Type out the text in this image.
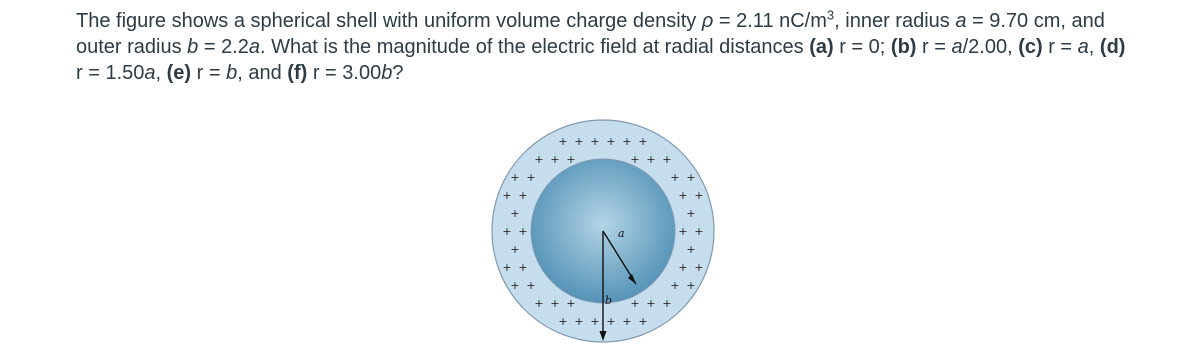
The figure shows a spherical shell with uniform volume charge density ρ = 2.11 $nC/m^3$, inner radius a = 9.70 cm, and outer radius b = 2.2a. What is the magnitude of the electric field at radial distances (a) r = 0; (b) r = a/2.00, (c) r = a, (d) r = 1.50a, (e) r = b, and (f) r = 3.00b?

+ + + + + +
+ + +	+ + +
+ +	+ +
+ +	+ +
+	+
+ +	+ +
+	+
+ +	+ +
+ +	+ +
+ + +	+ + +
+ + + + + +
a
b
